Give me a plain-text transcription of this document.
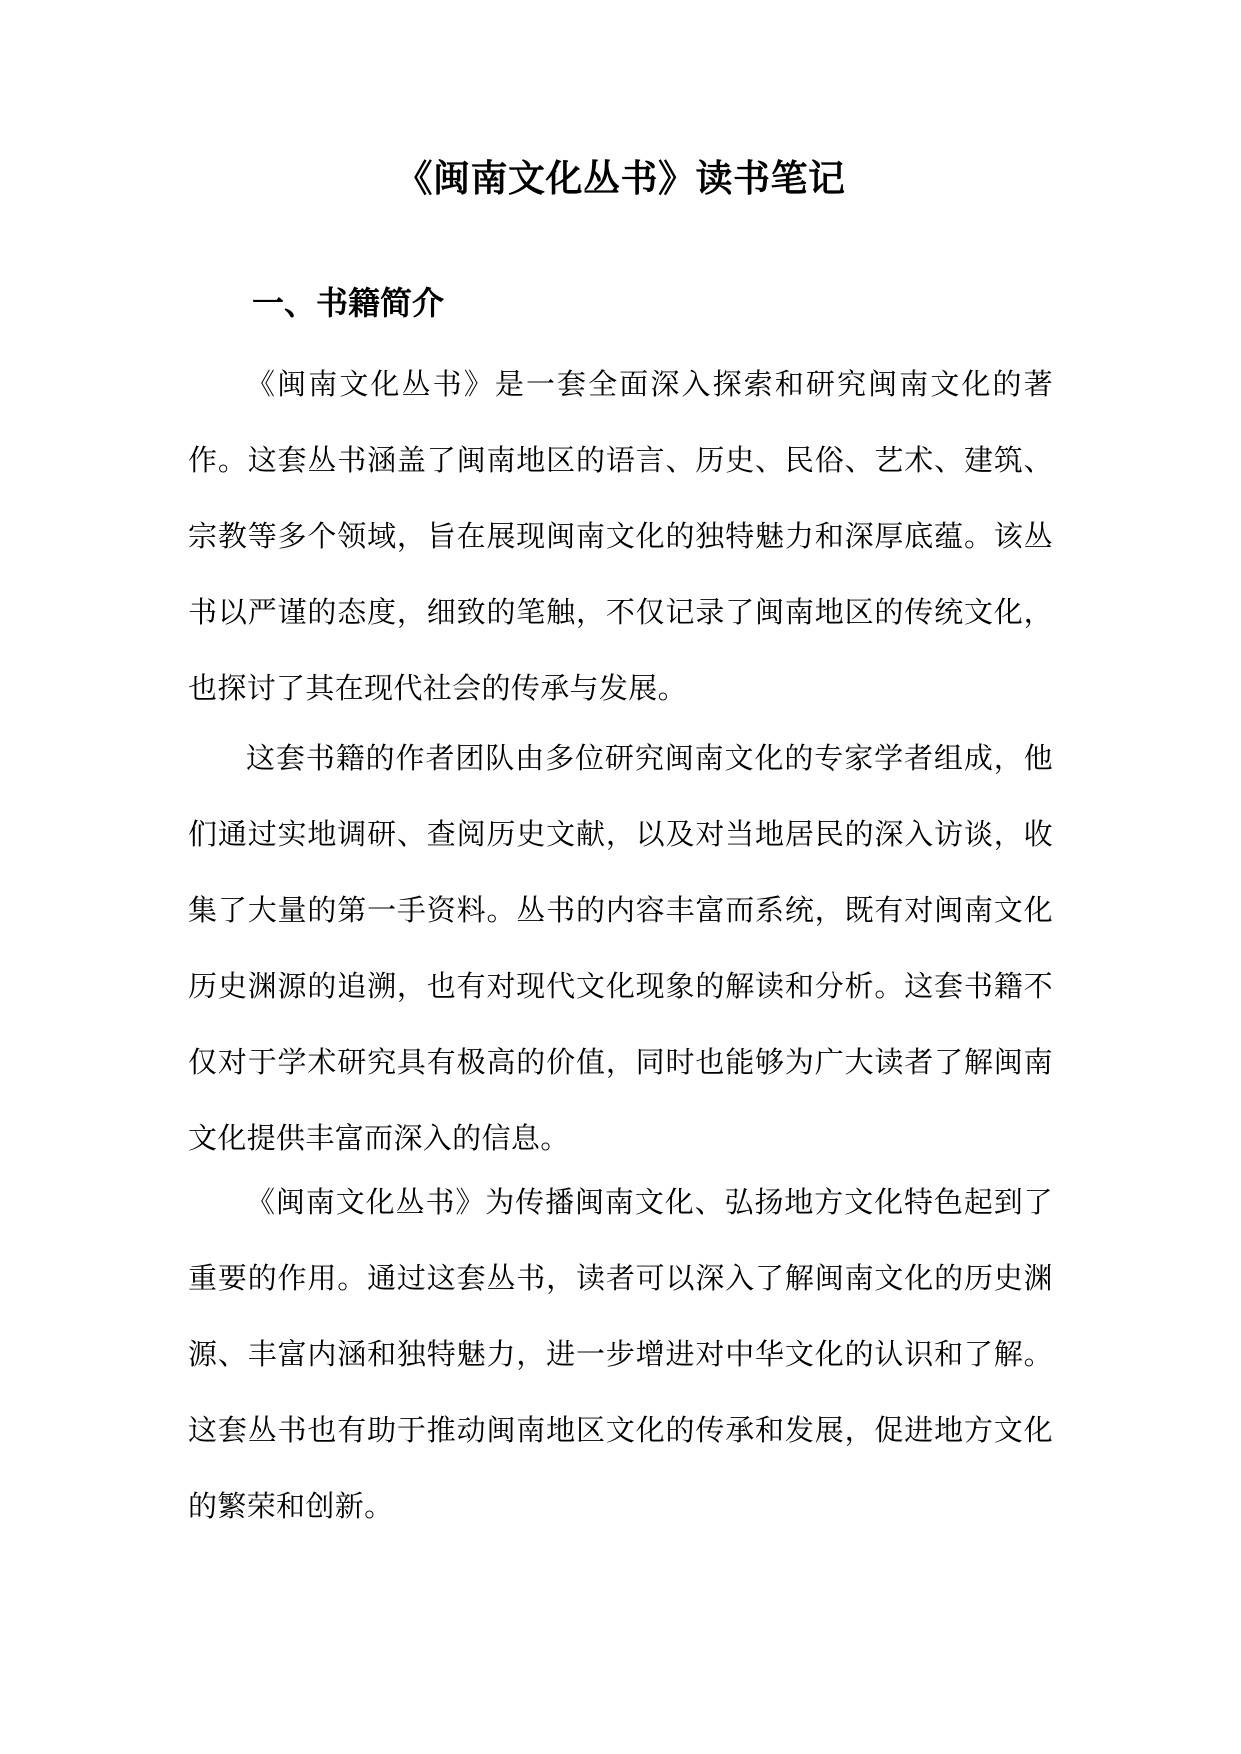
《闽南文化丛书》读书笔记
一、书籍简介

《闽南文化丛书》是一套全面深入探索和研究闽南文化的著作。这套丛书涵盖了闽南地区的语言、历史、民俗、艺术、建筑、宗教等多个领域，旨在展现闽南文化的独特魅力和深厚底蕴。该丛书以严谨的态度，细致的笔触，不仅记录了闽南地区的传统文化，也探讨了其在现代社会的传承与发展。

这套书籍的作者团队由多位研究闽南文化的专家学者组成，他们通过实地调研、查阅历史文献，以及对当地居民的深入访谈，收集了大量的第一手资料。丛书的内容丰富而系统，既有对闽南文化历史渊源的追溯，也有对现代文化现象的解读和分析。这套书籍不仅对于学术研究具有极高的价值，同时也能够为广大读者了解闽南文化提供丰富而深入的信息。

《闽南文化丛书》为传播闽南文化、弘扬地方文化特色起到了重要的作用。通过这套丛书，读者可以深入了解闽南文化的历史渊源、丰富内涵和独特魅力，进一步增进对中华文化的认识和了解。这套丛书也有助于推动闽南地区文化的传承和发展，促进地方文化的繁荣和创新。
